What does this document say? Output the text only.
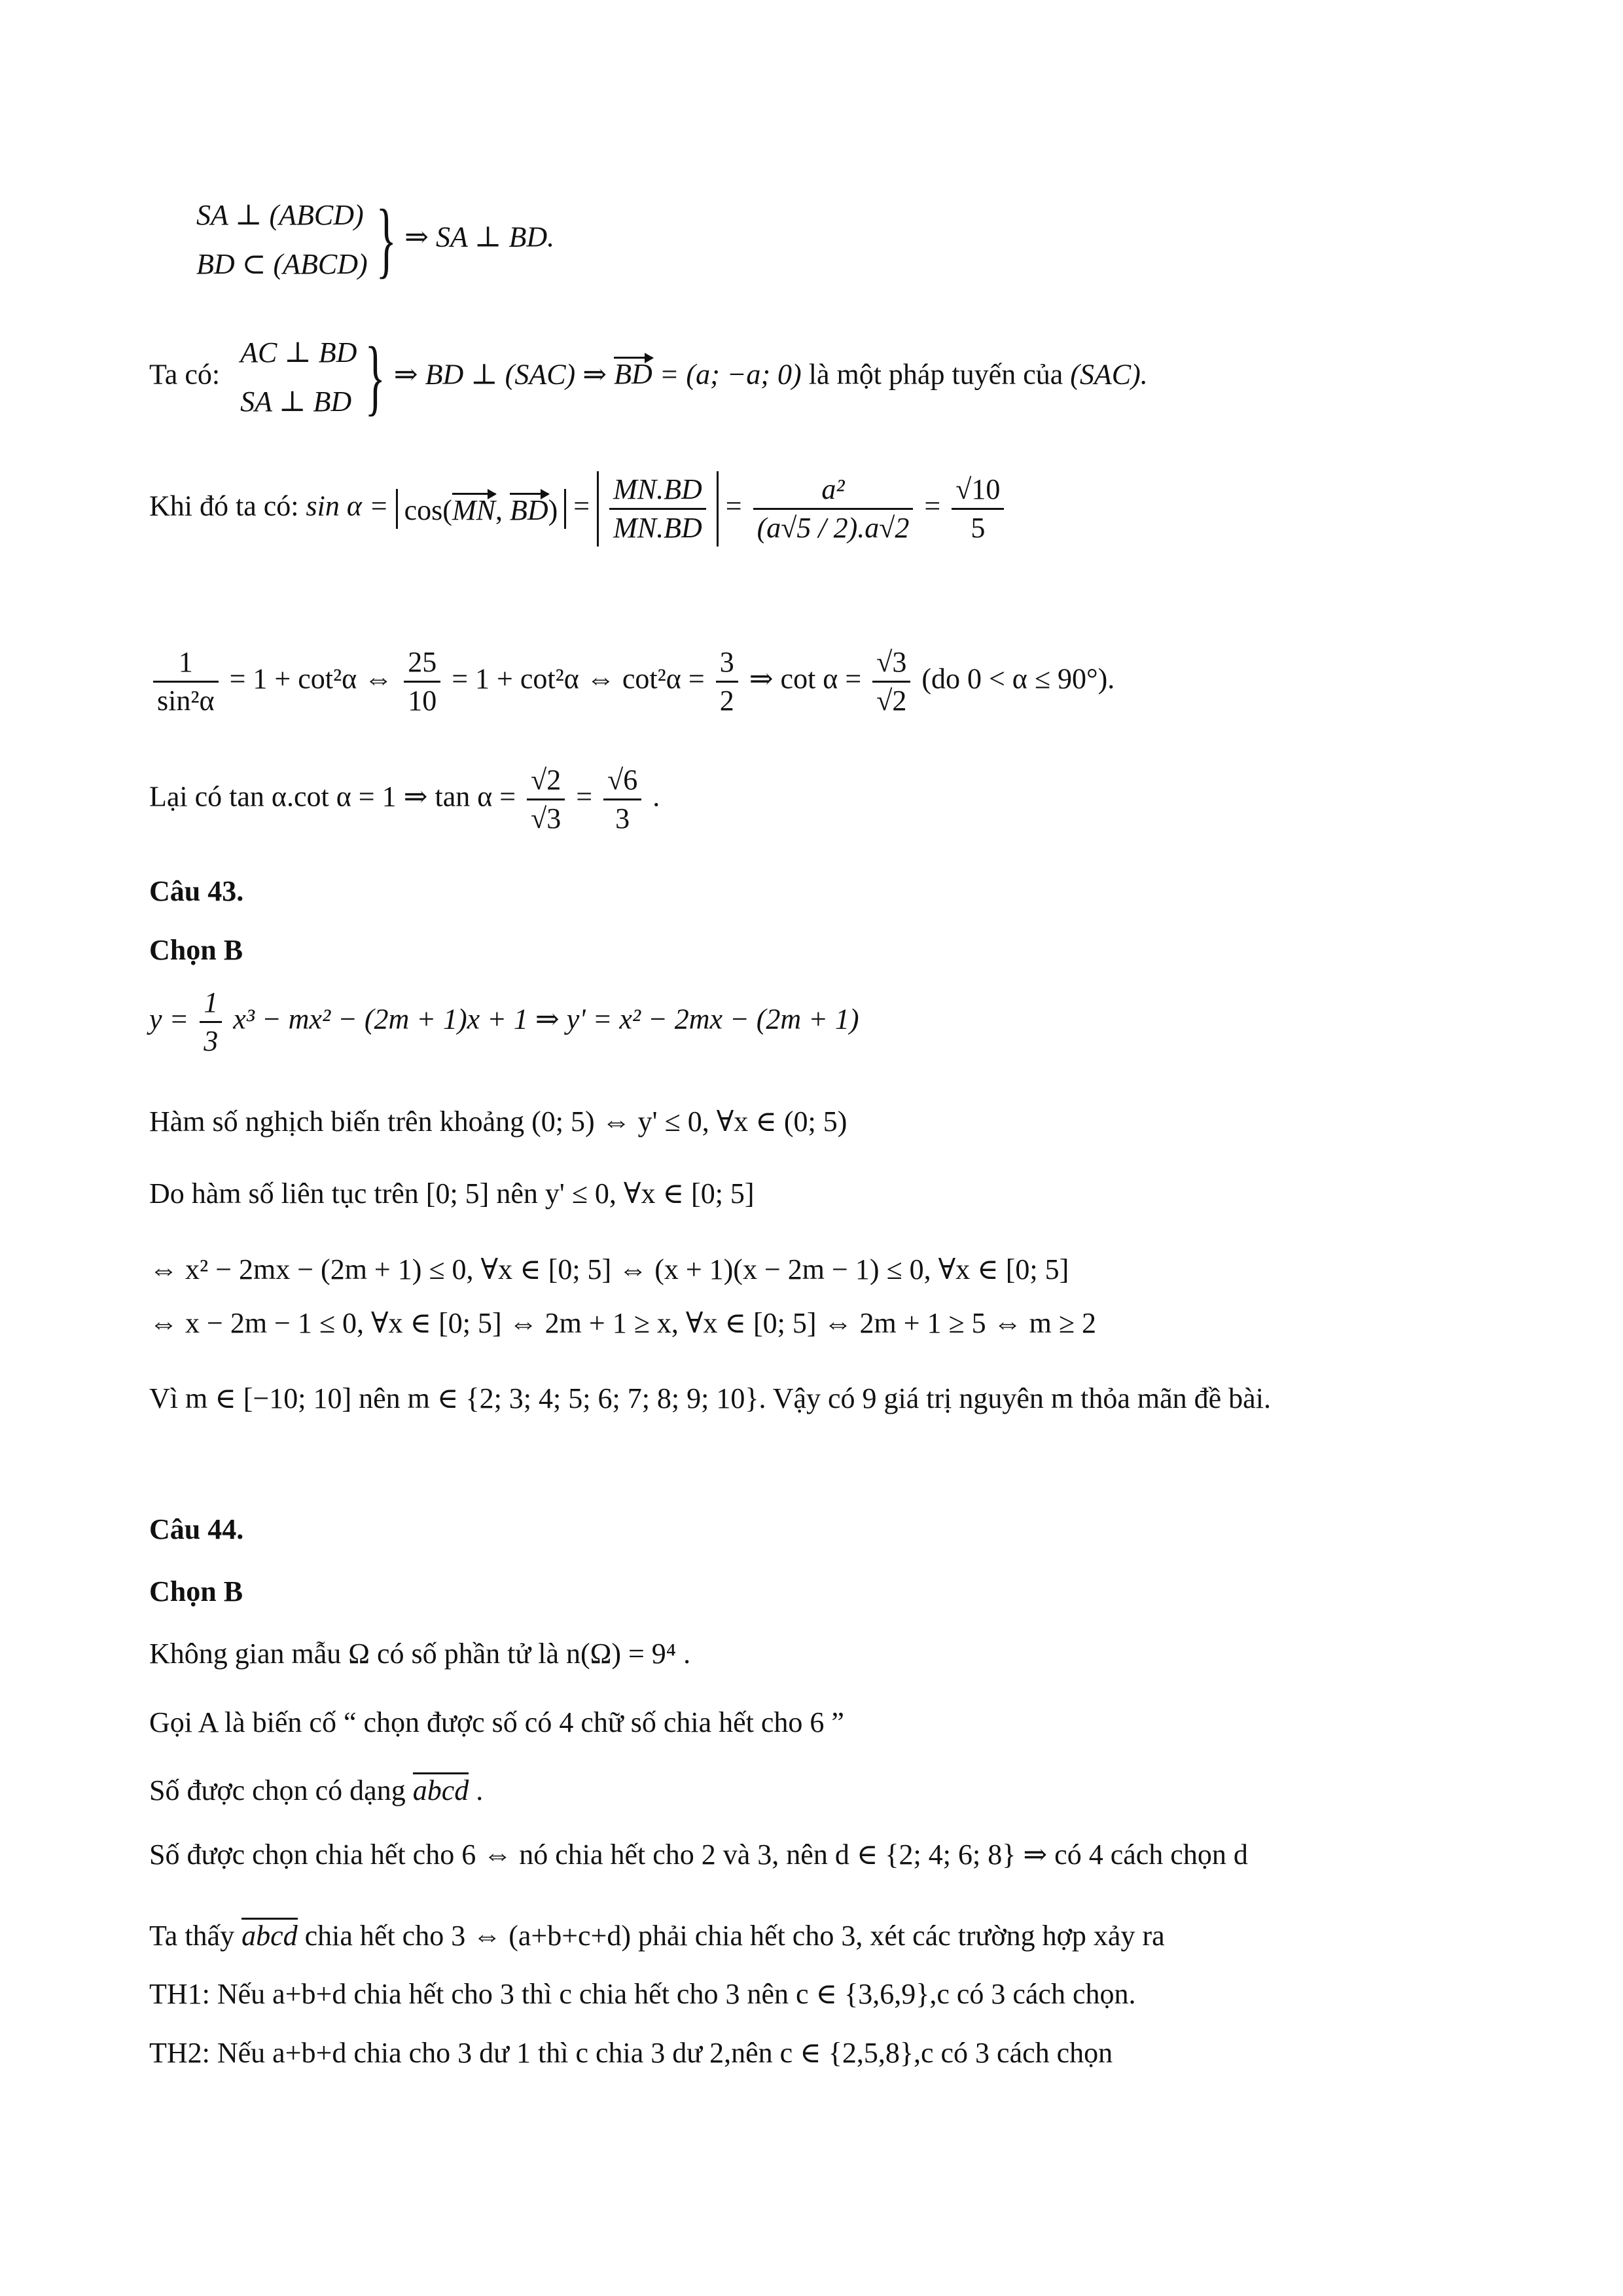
SA ⊥ (ABCD)
BD ⊂ (ABCD) } ⇒ SA ⊥ BD.
Ta có:
AC ⊥ BD
SA ⊥ BD } ⇒ BD ⊥ (SAC) ⇒ BD = (a; −a; 0) là một pháp tuyến của (SAC).
Khi đó ta có: sin α = cos(MN, $BD) = \frac{MN.BD}{MN.BD} = \frac{\text{a²}}{(a√5 / 2).a√2} = \frac{√10}{5}$
$\frac{1}{\text{sin²α}} = 1 + \cot^2\alpha$ ⇔ $\frac{25}{10} = 1 + \cot^2\alpha$ ⇔ $\cot^2\alpha = \frac{3}{2}$ ⇒ $\cot \alpha = \frac{√3}{√2} (do$ 0 < α ≤ 90°).
Lại có tan α.cot α = 1 ⇒ $\tan \alpha = \frac{√2}{√3} = \frac{√6}{3}$ .
Câu 43.
Chọn B
$y = \frac{1}{3} x^3 - mx^2 - (2m + 1)x + 1$ ⇒ y' = x² − 2mx − (2m + 1)
Hàm số nghịch biến trên khoảng (0; 5) ⇔ y' ≤ 0, ∀x ∈ (0; 5)
Do hàm số liên tục trên [0; 5] nên y' ≤ 0, ∀x ∈ [0; 5]
⇔ x² − 2mx − (2m + 1) ≤ 0, ∀x ∈ [0; 5] ⇔ (x + 1)(x − 2m − 1) ≤ 0, ∀x ∈ [0; 5]
⇔ x − 2m − 1 ≤ 0, ∀x ∈ [0; 5] ⇔ 2m + 1 ≥ x, ∀x ∈ [0; 5] ⇔ 2m + 1 ≥ 5 ⇔ m ≥ 2
Vì m ∈ [−10; 10] nên m ∈ {2; 3; 4; 5; 6; 7; 8; 9; 10}. Vậy có 9 giá trị nguyên m thỏa mãn đề bài.
Câu 44.
Chọn B
Không gian mẫu Ω có số phần tử là n(Ω) = 9⁴ .
Gọi A là biến cố “ chọn được số có 4 chữ số chia hết cho 6 ”
Số được chọn có dạng abcd .
Số được chọn chia hết cho 6 ⇔ nó chia hết cho 2 và 3, nên d ∈ {2; 4; 6; 8} ⇒ có 4 cách chọn d
Ta thấy abcd chia hết cho 3 ⇔ (a+b+c+d) phải chia hết cho 3, xét các trường hợp xảy ra
TH1: Nếu a+b+d chia hết cho 3 thì c chia hết cho 3 nên c ∈ {3,6,9},c có 3 cách chọn.
TH2: Nếu a+b+d chia cho 3 dư 1 thì c chia 3 dư 2,nên c ∈ {2,5,8},c có 3 cách chọn
